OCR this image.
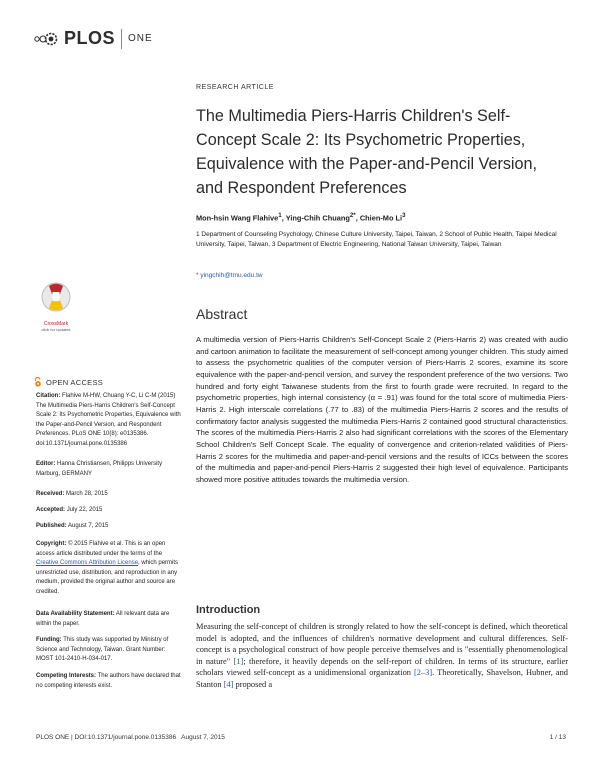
PLOS ONE
CrossMark
click for updates
OPEN ACCESS
Citation: Flahive M-HW, Chuang Y-C, Li C-M (2015) The Multimedia Piers-Harris Children's Self-Concept Scale 2: Its Psychometric Properties, Equivalence with the Paper-and-Pencil Version, and Respondent Preferences. PLoS ONE 10(8): e0135386. doi:10.1371/journal.pone.0135386
Editor: Hanna Christiansen, Philipps University Marburg, GERMANY
Received: March 28, 2015
Accepted: July 22, 2015
Published: August 7, 2015
Copyright: © 2015 Flahive et al. This is an open access article distributed under the terms of the Creative Commons Attribution License, which permits unrestricted use, distribution, and reproduction in any medium, provided the original author and source are credited.
Data Availability Statement: All relevant data are within the paper.
Funding: This study was supported by Ministry of Science and Technology, Taiwan. Grant Number: MOST 101-2410-H-034-017.
Competing Interests: The authors have declared that no competing interests exist.
RESEARCH ARTICLE
The Multimedia Piers-Harris Children's Self-Concept Scale 2: Its Psychometric Properties, Equivalence with the Paper-and-Pencil Version, and Respondent Preferences
Mon-hsin Wang Flahive$^1$, Ying-Chih Chuang$^{2*}$, Chien-Mo Li$^3$
1 Department of Counseling Psychology, Chinese Culture University, Taipei, Taiwan, 2 School of Public Health, Taipei Medical University, Taipei, Taiwan, 3 Department of Electric Engineering, National Taiwan University, Taipei, Taiwan
* yingchih@tmu.edu.tw
Abstract
A multimedia version of Piers-Harris Children's Self-Concept Scale 2 (Piers-Harris 2) was created with audio and cartoon animation to facilitate the measurement of self-concept among younger children. This study aimed to assess the psychometric qualities of the computer version of Piers-Harris 2 scores, examine its score equivalence with the paper-and-pencil version, and survey the respondent preference of the two versions. Two hundred and forty eight Taiwanese students from the first to fourth grade were recruited. In regard to the psychometric properties, high internal consistency (α = .91) was found for the total score of multimedia Piers-Harris 2. High interscale correlations (.77 to .83) of the multimedia Piers-Harris 2 scores and the results of confirmatory factor analysis suggested the multimedia Piers-Harris 2 contained good structural characteristics. The scores of the multimedia Piers-Harris 2 also had significant correlations with the scores of the Elementary School Children's Self Concept Scale. The equality of convergence and criterion-related validities of Piers-Harris 2 scores for the multimedia and paper-and-pencil versions and the results of ICCs between the scores of the multimedia and paper-and-pencil Piers-Harris 2 suggested their high level of equivalence. Participants showed more positive attitudes towards the multimedia version.
Introduction
Measuring the self-concept of children is strongly related to how the self-concept is defined, which theoretical model is adopted, and the influences of children's normative development and cultural differences. Self-concept is a psychological construct of how people perceive themselves and is "essentially phenomenological in nature" [1]; therefore, it heavily depends on the self-report of children. In terms of its structure, earlier scholars viewed self-concept as a unidimensional organization [2–3]. Theoretically, Shavelson, Hubner, and Stanton [4] proposed a
PLOS ONE | DOI:10.1371/journal.pone.0135386 August 7, 2015	1 / 13
